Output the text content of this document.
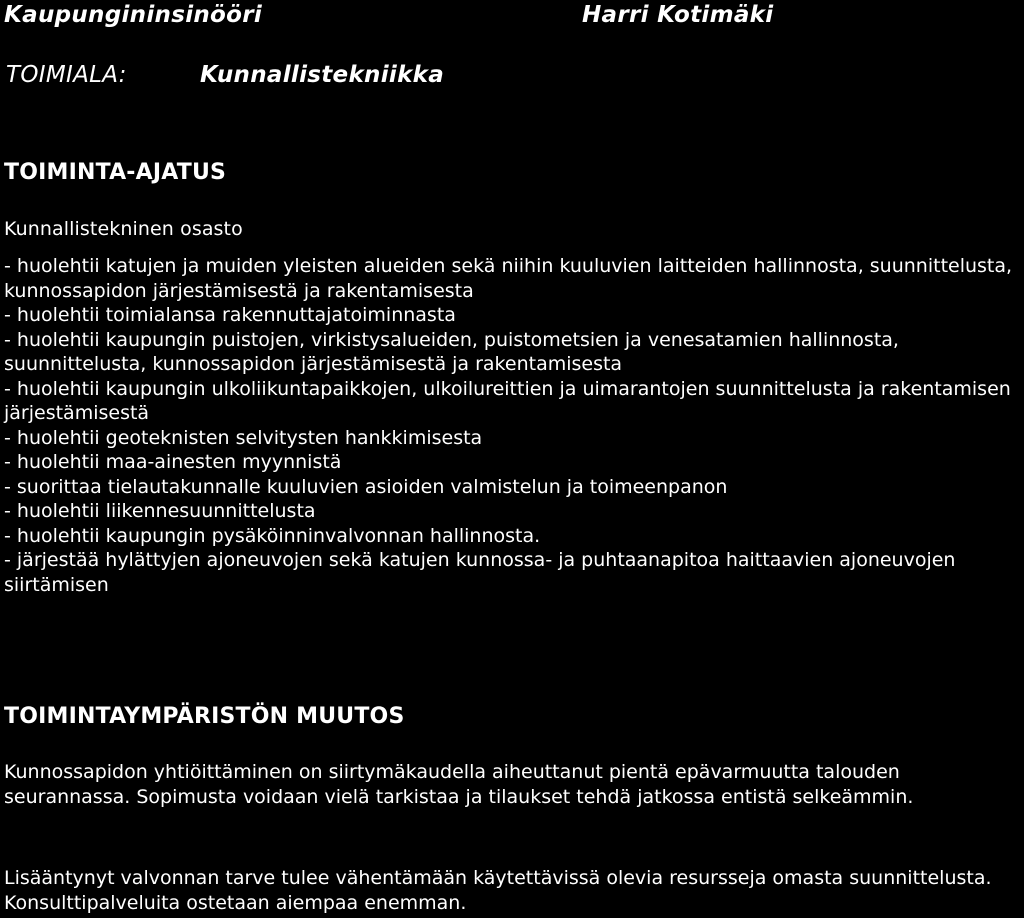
Kaupungininsinööri	Harri Kotimäki
TOIMIALA:	Kunnallistekniikka
TOIMINTA-AJATUS
Kunnallistekninen osasto
- huolehtii katujen ja muiden yleisten alueiden sekä niihin kuuluvien laitteiden hallinnosta, suunnittelusta, kunnossapidon järjestämisestä ja rakentamisesta
- huolehtii toimialansa rakennuttajatoiminnasta
- huolehtii kaupungin puistojen, virkistysalueiden, puistometsien ja venesatamien hallinnosta, suunnittelusta, kunnossapidon järjestämisestä ja rakentamisesta
- huolehtii kaupungin ulkoliikuntapaikkojen, ulkoilureittien ja uimarantojen suunnittelusta ja rakentamisen järjestämisestä
- huolehtii geoteknisten selvitysten hankkimisesta
- huolehtii maa-ainesten myynnistä
- suorittaa tielautakunnalle kuuluvien asioiden valmistelun ja toimeenpanon
- huolehtii liikennesuunnittelusta
- huolehtii kaupungin pysäköinninvalvonnan hallinnosta.
- järjestää hylättyjen ajoneuvojen sekä katujen kunnossa- ja puhtaanapitoa haittaavien ajoneuvojen siirtämisen
TOIMINTAYMPÄRISTÖN MUUTOS

Kunnossapidon yhtiöittäminen on siirtymäkaudella aiheuttanut pientä epävarmuutta talouden seurannassa. Sopimusta voidaan vielä tarkistaa ja tilaukset tehdä jatkossa entistä selkeämmin.

Lisääntynyt valvonnan tarve tulee vähentämään käytettävissä olevia resursseja omasta suunnittelusta. Konsulttipalveluita ostetaan aiempaa enemman.
